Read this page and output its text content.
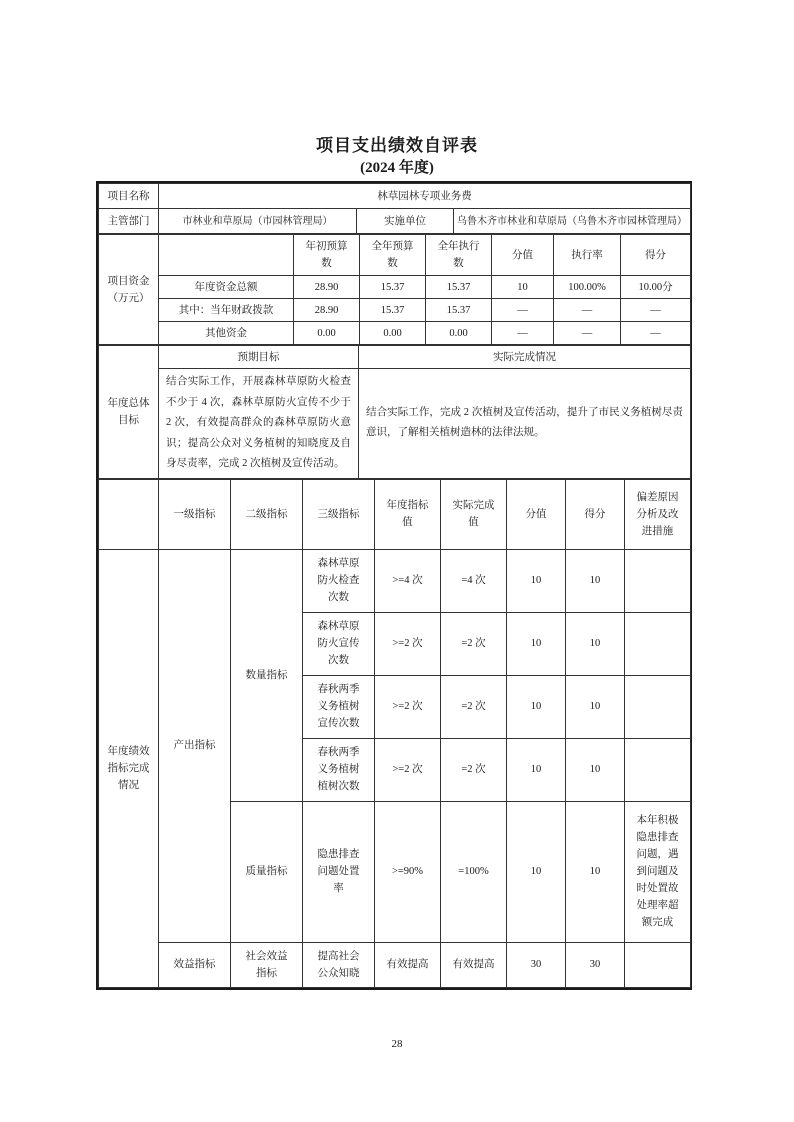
项目支出绩效自评表
(2024 年度)
项目名称	林草园林专项业务费		
主管部门	市林业和草原局（市园林管理局）	实施单位	乌鲁木齐市林业和草原局（乌鲁木齐市园林管理局）
项目资金（万元）		年初预算数	全年预算数	全年执行数	分值	执行率	得分
	年度资金总额	28.90	15.37	15.37	10	100.00%	10.00分
	其中：当年财政拨款	28.90	15.37	15.37	—	—	—
	其他资金	0.00	0.00	0.00	—	—	—
年度总体目标	预期目标	实际完成情况

	结合实际工作，开展森林草原防火检查不少于 4 次，森林草原防火宣传不少于 2 次，有效提高群众的森林草原防火意识；提高公众对义务植树的知晓度及自身尽责率，完成 2 次植树及宣传活动。	结合实际工作，完成 2 次植树及宣传活动，提升了市民义务植树尽责意识，了解相关植树造林的法律法规。
	一级指标	二级指标	三级指标	年度指标值	实际完成值	分值	得分	偏差原因分析及改进措施
年度绩效指标完成情况	产出指标	数量指标	森林草原防火检查次数	>=4 次	=4 次	10	10	
			森林草原防火宣传次数	>=2 次	=2 次	10	10	
			春秋两季义务植树宣传次数	>=2 次	=2 次	10	10	
			春秋两季义务植树植树次数	>=2 次	=2 次	10	10	
		质量指标	隐患排查问题处置率	>=90%	=100%	10	10	本年积极隐患排查问题，遇到问题及时处置故处理率超额完成
	效益指标	社会效益指标	提高社会公众知晓	有效提高	有效提高	30	30	
28
